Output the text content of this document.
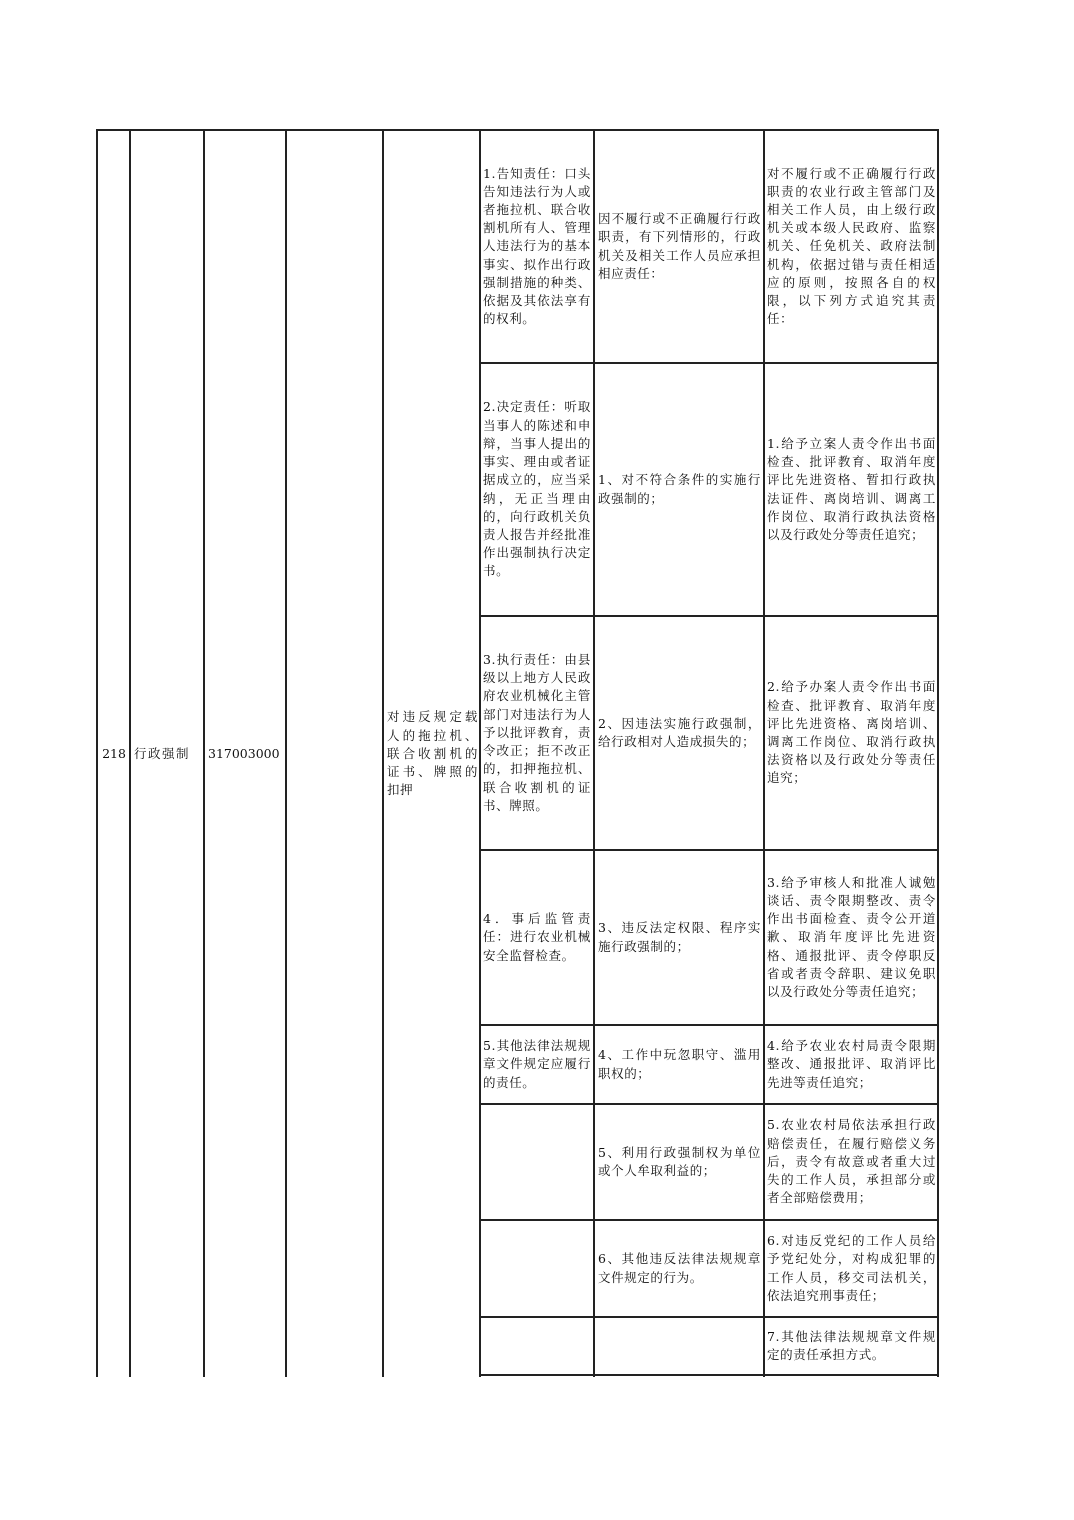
218 行政强制	317003000
对违反规定载人的拖拉机、联合收割机的证书、牌照的扣押
1.告知责任：口头告知违法行为人或者拖拉机、联合收割机所有人、管理人违法行为的基本事实、拟作出行政强制措施的种类、依据及其依法享有的权利。
因不履行或不正确履行行政职责，有下列情形的，行政机关及相关工作人员应承担相应责任：
对不履行或不正确履行行政职责的农业行政主管部门及相关工作人员，由上级行政机关或本级人民政府、监察机关、任免机关、政府法制机构，依据过错与责任相适应的原则，按照各自的权限，以下列方式追究其责任：
2.决定责任：听取当事人的陈述和申辩，当事人提出的事实、理由或者证据成立的，应当采纳，无正当理由的，向行政机关负责人报告并经批准作出强制执行决定书。
1、对不符合条件的实施行政强制的；
1.给予立案人责令作出书面检查、批评教育、取消年度评比先进资格、暂扣行政执法证件、离岗培训、调离工作岗位、取消行政执法资格以及行政处分等责任追究；
3.执行责任：由县级以上地方人民政府农业机械化主管部门对违法行为人予以批评教育，责令改正；拒不改正的，扣押拖拉机、联合收割机的证书、牌照。
2、因违法实施行政强制，给行政相对人造成损失的；
2.给予办案人责令作出书面检查、批评教育、取消年度评比先进资格、离岗培训、调离工作岗位、取消行政执法资格以及行政处分等责任追究；
4．事后监管责任：进行农业机械安全监督检查。
3、违反法定权限、程序实施行政强制的；
3.给予审核人和批准人诚勉谈话、责令限期整改、责令作出书面检查、责令公开道歉、取消年度评比先进资格、通报批评、责令停职反省或者责令辞职、建议免职以及行政处分等责任追究；
5.其他法律法规规章文件规定应履行的责任。
4、工作中玩忽职守、滥用职权的；
4.给予农业农村局责令限期整改、通报批评、取消评比先进等责任追究；
5、利用行政强制权为单位或个人牟取利益的；
5.农业农村局依法承担行政赔偿责任，在履行赔偿义务后，责令有故意或者重大过失的工作人员，承担部分或者全部赔偿费用；
6、其他违反法律法规规章文件规定的行为。
6.对违反党纪的工作人员给予党纪处分，对构成犯罪的工作人员，移交司法机关，依法追究刑事责任；
7.其他法律法规规章文件规定的责任承担方式。
